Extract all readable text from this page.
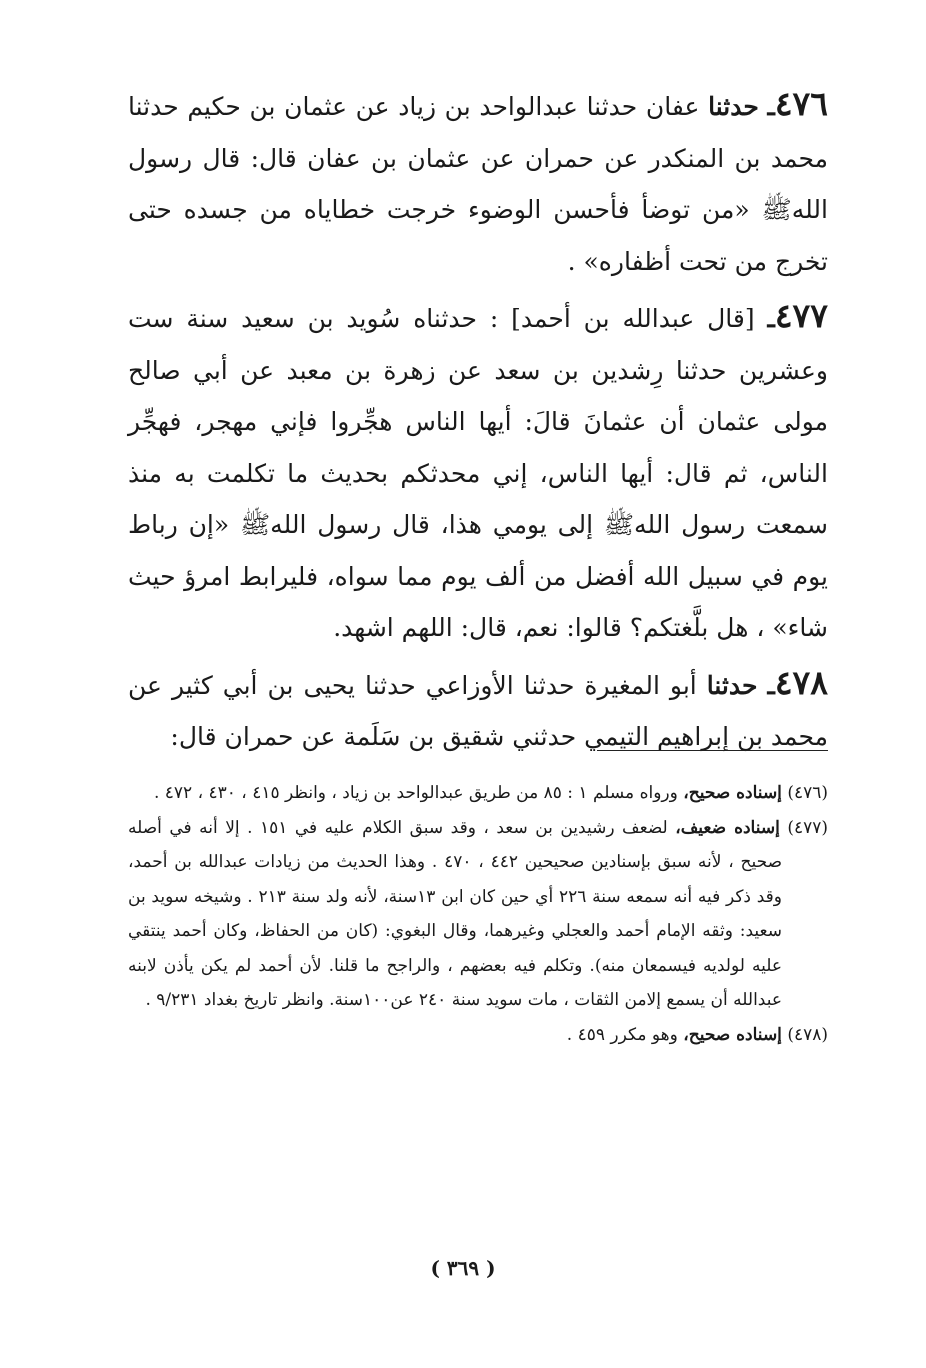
٤٧٦ـ حدثنا عفان حدثنا عبدالواحد بن زياد عن عثمان بن حكيم حدثنا محمد بن المنكدر عن حمران عن عثمان بن عفان قال: قال رسول اللهﷺ «من توضأ فأحسن الوضوء خرجت خطاياه من جسده حتى تخرج من تحت أظفاره» .

٤٧٧ـ [قال عبدالله بن أحمد] : حدثناه سُويد بن سعيد سنة ست وعشرين حدثنا رِشدين بن سعد عن زهرة بن معبد عن أبي صالح مولى عثمان أن عثمانَ قالَ: أيها الناس هجِّروا فإني مهجر، فهجِّر الناس، ثم قال: أيها الناس، إني محدثكم بحديث ما تكلمت به منذ سمعت رسول اللهﷺ إلى يومي هذا، قال رسول اللهﷺ «إن رباط يوم في سبيل الله أفضل من ألف يوم مما سواه، فليرابط امرؤ حيث شاء» ، هل بلَّغتكم؟ قالوا: نعم، قال: اللهم اشهد.

٤٧٨ـ حدثنا أبو المغيرة حدثنا الأوزاعي حدثنا يحيى بن أبي كثير عن محمد بن إبراهيم التيمي حدثني شقيق بن سَلَمة عن حمران قال:

(٤٧٦) إسناده صحيح، ورواه مسلم ١ : ٨٥ من طريق عبدالواحد بن زياد ، وانظر ٤١٥ ، ٤٣٠ ، ٤٧٢ .

(٤٧٧) إسناده ضعيف، لضعف رشيدين بن سعد ، وقد سبق الكلام عليه في ١٥١ . إلا أنه في أصله صحيح ، لأنه سبق بإسنادين صحيحين ٤٤٢ ، ٤٧٠ . وهذا الحديث من زيادات عبدالله بن أحمد، وقد ذكر فيه أنه سمعه سنة ٢٢٦ أي حين كان ابن ١٣سنة، لأنه ولد سنة ٢١٣ . وشيخه سويد بن سعيد: وثقه الإمام أحمد والعجلي وغيرهما، وقال البغوي: (كان من الحفاظ، وكان أحمد ينتقي عليه لولديه فيسمعان منه). وتكلم فيه بعضهم ، والراجح ما قلنا. لأن أحمد لم يكن يأذن لابنه عبدالله أن يسمع إلامن الثقات ، مات سويد سنة ٢٤٠ عن١٠٠سنة. وانظر تاريخ بغداد ٩/٢٣١ .

(٤٧٨) إسناده صحيح، وهو مكرر ٤٥٩ .

( ٣٦٩ )
